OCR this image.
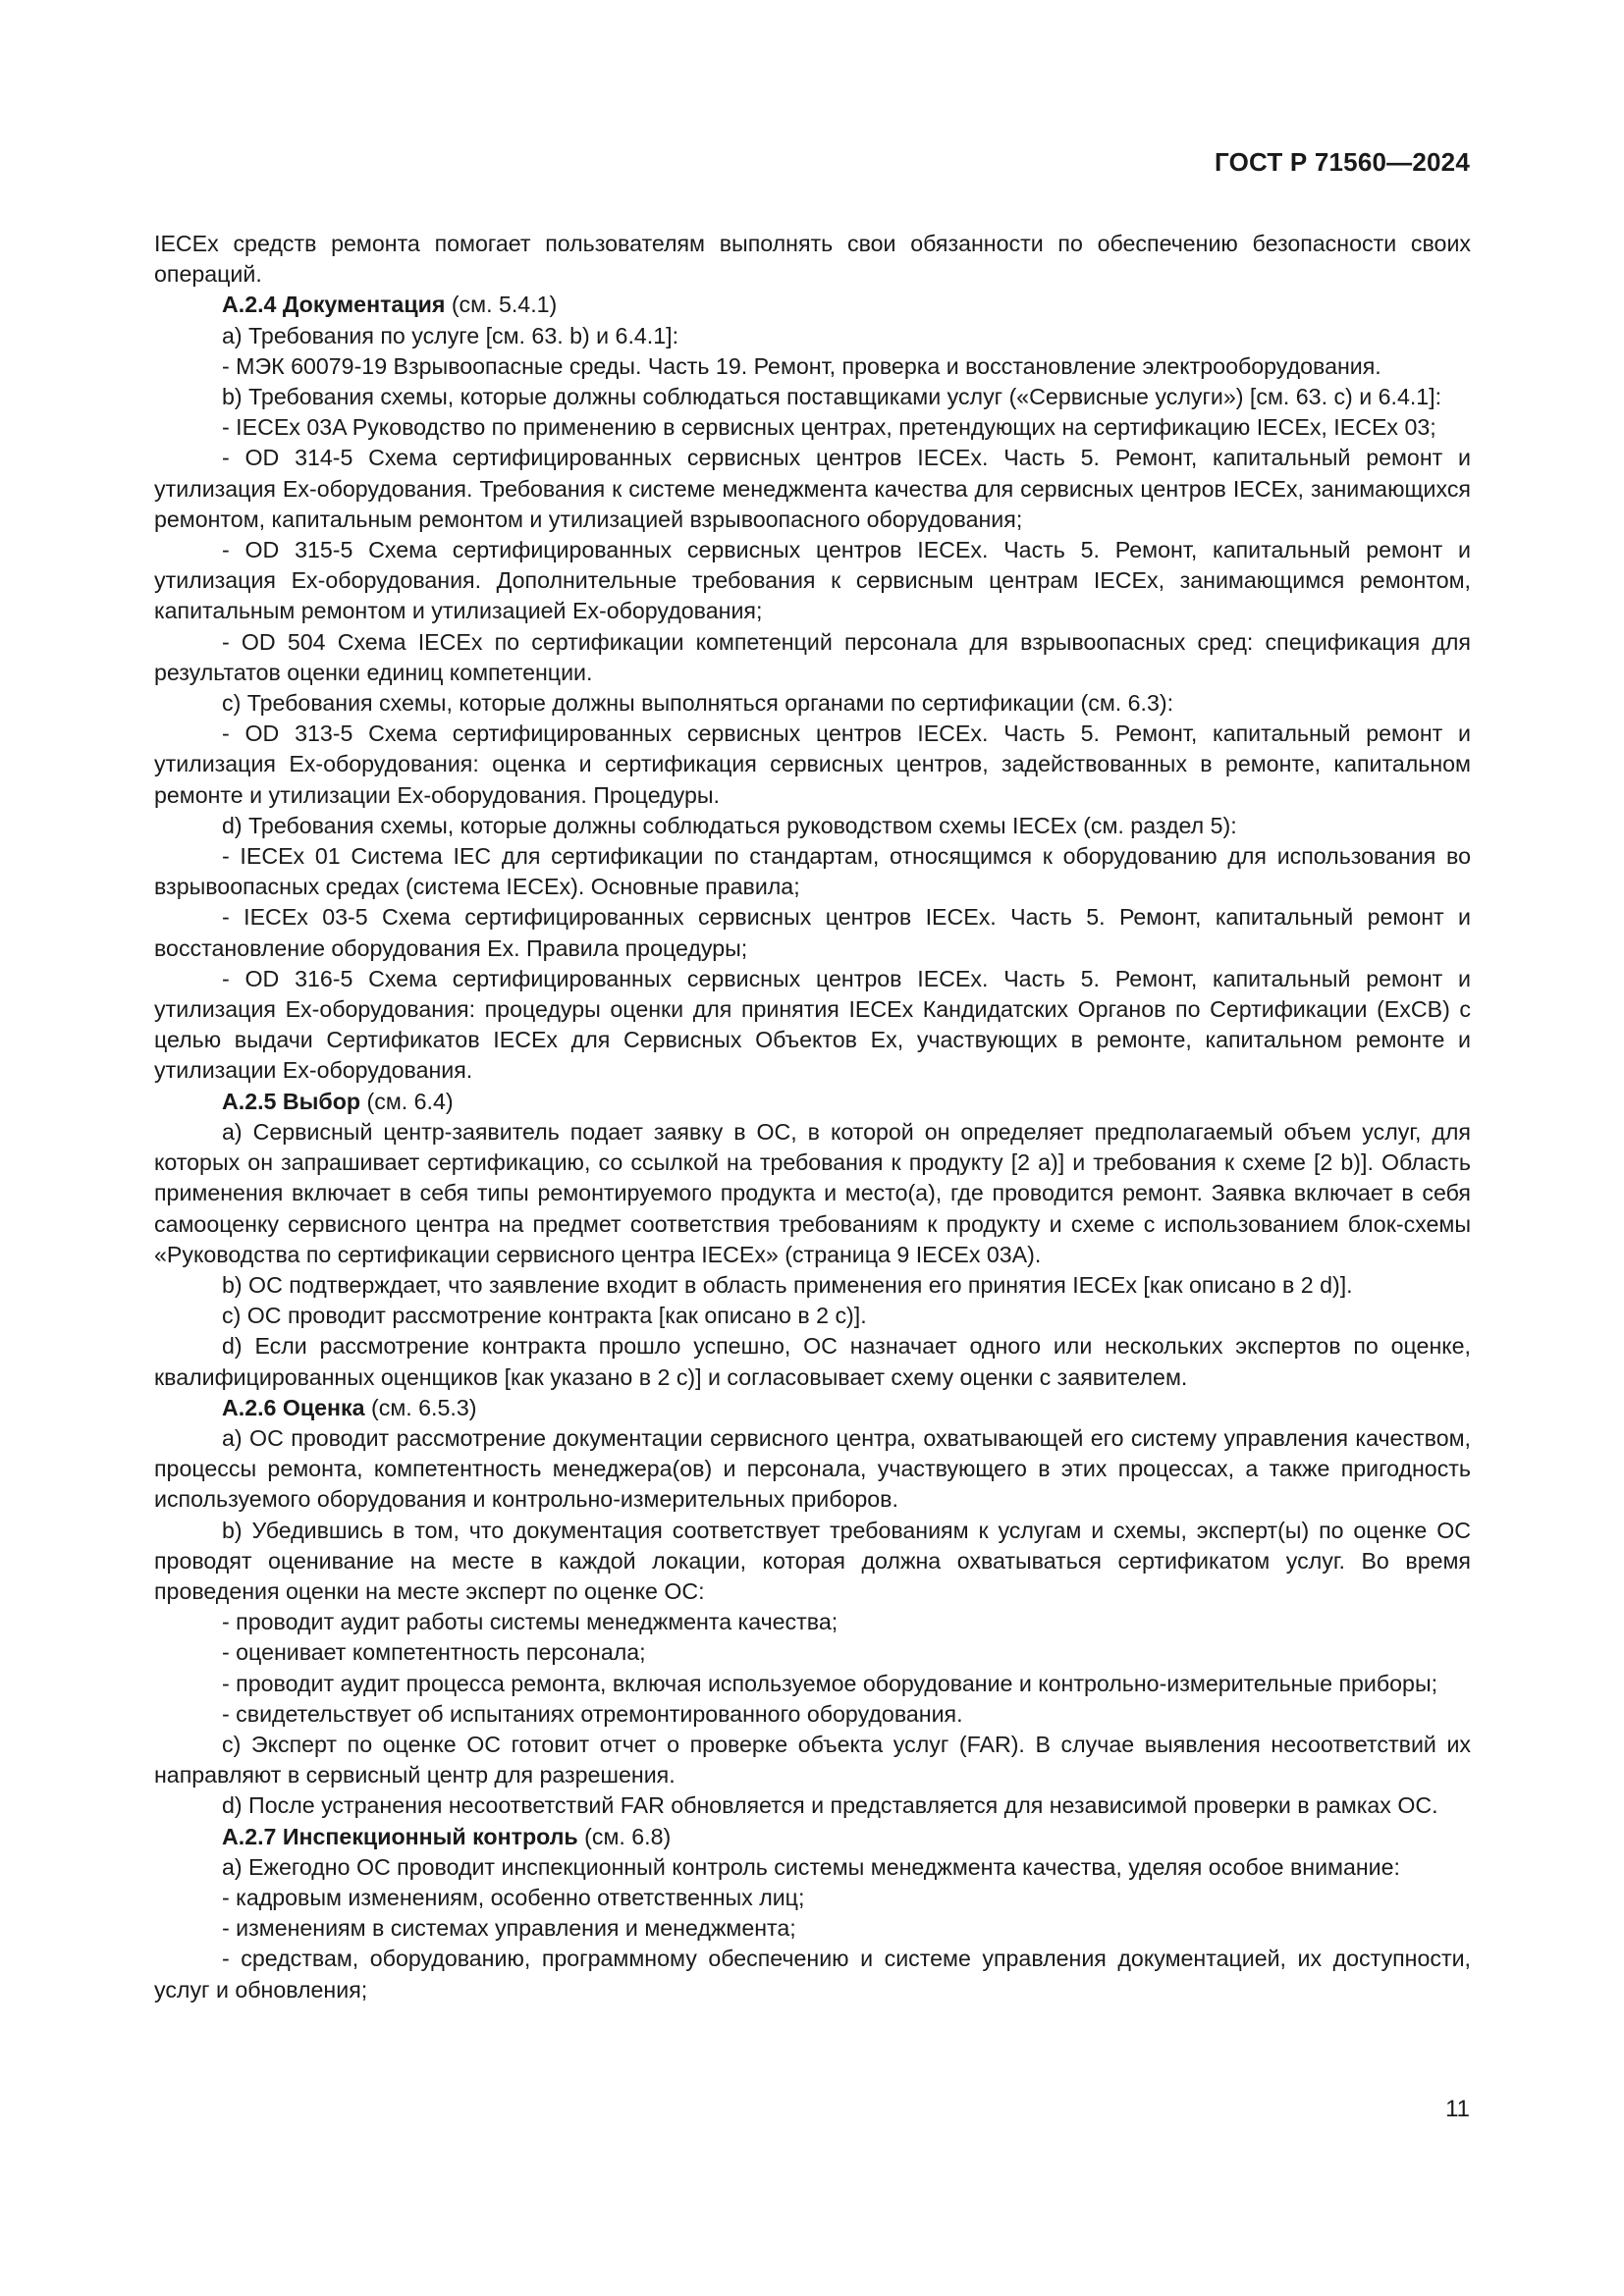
ГОСТ Р 71560—2024

IECEx средств ремонта помогает пользователям выполнять свои обязанности по обеспечению безопасности своих операций.

А.2.4 Документация (см. 5.4.1)

a) Требования по услуге [см. 63. b) и 6.4.1]:

- МЭК 60079-19 Взрывоопасные среды. Часть 19. Ремонт, проверка и восстановление электрооборудования.

b) Требования схемы, которые должны соблюдаться поставщиками услуг («Сервисные услуги») [см. 63. c) и 6.4.1]:

- IECEx 03A Руководство по применению в сервисных центрах, претендующих на сертификацию IECEx, IECEx 03;

- OD 314-5 Схема сертифицированных сервисных центров IECEx. Часть 5. Ремонт, капитальный ремонт и утилизация Ex-оборудования. Требования к системе менеджмента качества для сервисных центров IECEx, занимающихся ремонтом, капитальным ремонтом и утилизацией взрывоопасного оборудования;

- OD 315-5 Схема сертифицированных сервисных центров IECEx. Часть 5. Ремонт, капитальный ремонт и утилизация Ex-оборудования. Дополнительные требования к сервисным центрам IECEx, занимающимся ремонтом, капитальным ремонтом и утилизацией Ex-оборудования;

- OD 504 Схема IECEx по сертификации компетенций персонала для взрывоопасных сред: спецификация для результатов оценки единиц компетенции.

c) Требования схемы, которые должны выполняться органами по сертификации (см. 6.3):

- OD 313-5 Схема сертифицированных сервисных центров IECEx. Часть 5. Ремонт, капитальный ремонт и утилизация Ex-оборудования: оценка и сертификация сервисных центров, задействованных в ремонте, капитальном ремонте и утилизации Ex-оборудования. Процедуры.

d) Требования схемы, которые должны соблюдаться руководством схемы IECEx (см. раздел 5):

- IECEx 01 Система IEC для сертификации по стандартам, относящимся к оборудованию для использования во взрывоопасных средах (система IECEx). Основные правила;

- IECEx 03-5 Схема сертифицированных сервисных центров IECEx. Часть 5. Ремонт, капитальный ремонт и восстановление оборудования Ex. Правила процедуры;

- OD 316-5 Схема сертифицированных сервисных центров IECEx. Часть 5. Ремонт, капитальный ремонт и утилизация Ex-оборудования: процедуры оценки для принятия IECEx Кандидатских Органов по Сертификации (ExCB) с целью выдачи Сертификатов IECEx для Сервисных Объектов Ex, участвующих в ремонте, капитальном ремонте и утилизации Ex-оборудования.

А.2.5 Выбор (см. 6.4)

a) Сервисный центр-заявитель подает заявку в ОС, в которой он определяет предполагаемый объем услуг, для которых он запрашивает сертификацию, со ссылкой на требования к продукту [2 a)] и требования к схеме [2 b)]. Область применения включает в себя типы ремонтируемого продукта и место(а), где проводится ремонт. Заявка включает в себя самооценку сервисного центра на предмет соответствия требованиям к продукту и схеме с использованием блок-схемы «Руководства по сертификации сервисного центра IECEx» (страница 9 IECEx 03A).

b) ОС подтверждает, что заявление входит в область применения его принятия IECEx [как описано в 2 d)].

c) ОС проводит рассмотрение контракта [как описано в 2 c)].

d) Если рассмотрение контракта прошло успешно, ОС назначает одного или нескольких экспертов по оценке, квалифицированных оценщиков [как указано в 2 c)] и согласовывает схему оценки с заявителем.

А.2.6 Оценка (см. 6.5.3)

a) ОС проводит рассмотрение документации сервисного центра, охватывающей его систему управления качеством, процессы ремонта, компетентность менеджера(ов) и персонала, участвующего в этих процессах, а также пригодность используемого оборудования и контрольно-измерительных приборов.

b) Убедившись в том, что документация соответствует требованиям к услугам и схемы, эксперт(ы) по оценке ОС проводят оценивание на месте в каждой локации, которая должна охватываться сертификатом услуг. Во время проведения оценки на месте эксперт по оценке ОС:

- проводит аудит работы системы менеджмента качества;

- оценивает компетентность персонала;

- проводит аудит процесса ремонта, включая используемое оборудование и контрольно-измерительные приборы;

- свидетельствует об испытаниях отремонтированного оборудования.

c) Эксперт по оценке ОС готовит отчет о проверке объекта услуг (FAR). В случае выявления несоответствий их направляют в сервисный центр для разрешения.

d) После устранения несоответствий FAR обновляется и представляется для независимой проверки в рамках ОС.

А.2.7 Инспекционный контроль (см. 6.8)

a) Ежегодно ОС проводит инспекционный контроль системы менеджмента качества, уделяя особое внимание:

- кадровым изменениям, особенно ответственных лиц;

- изменениям в системах управления и менеджмента;

- средствам, оборудованию, программному обеспечению и системе управления документацией, их доступности, услуг и обновления;

11
